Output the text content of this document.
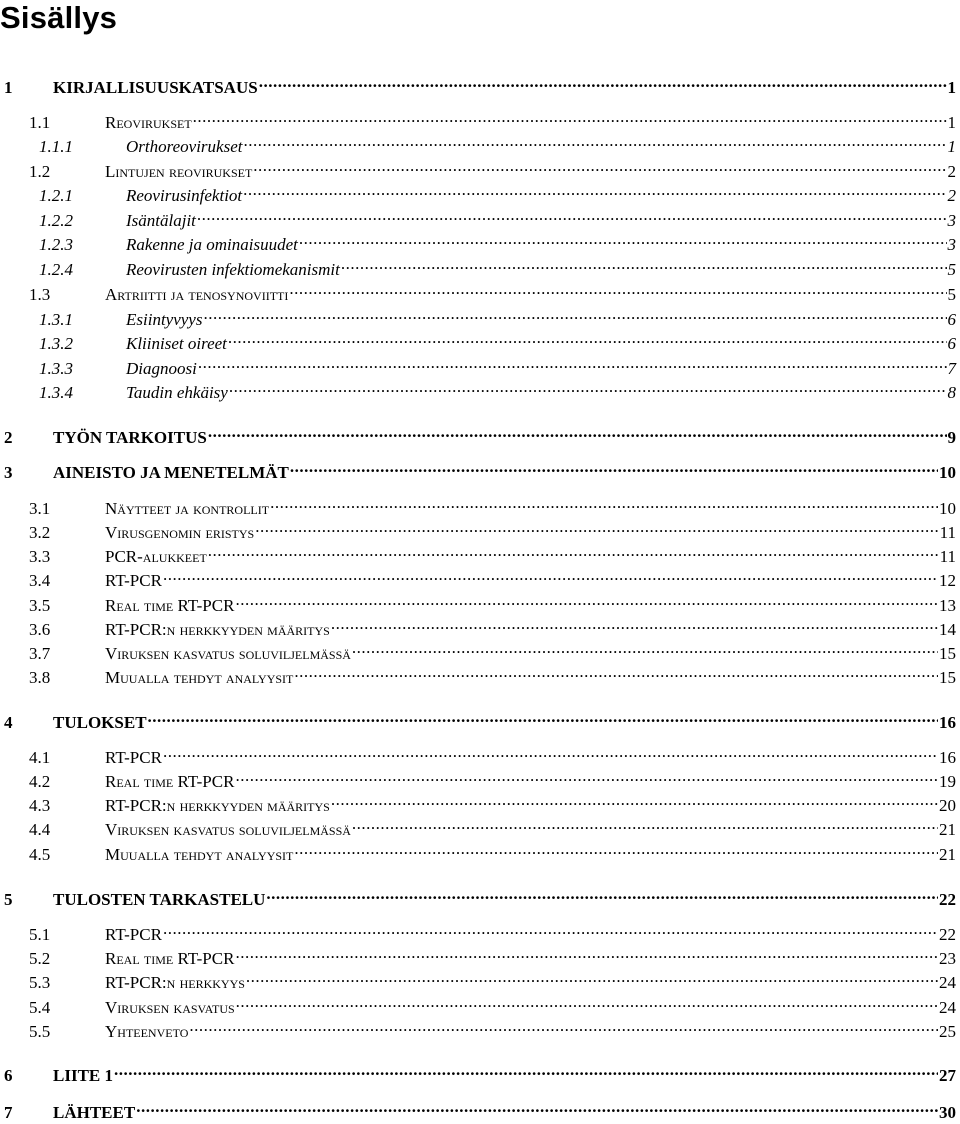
Sisällys
1	KIRJALLISUUSKATSAUS .....	1
1.1	Reovirukset .....	1
1.1.1	Orthoreovirukset .....	1
1.2	Lintujen reovirukset .....	2
1.2.1	Reovirusinfektiot .....	2
1.2.2	Isäntälajit .....	3
1.2.3	Rakenne ja ominaisuudet .....	3
1.2.4	Reovirusten infektiomekanismit .....	5
1.3	Artriitti ja tenosynoviitti .....	5
1.3.1	Esiintyvyys .....	6
1.3.2	Kliiniset oireet .....	6
1.3.3	Diagnoosi .....	7
1.3.4	Taudin ehkäisy .....	8
2	TYÖN TARKOITUS .....	9
3	AINEISTO JA MENETELMÄT .....	10
3.1	Näytteet ja kontrollit .....	10
3.2	Virusgenomin eristys .....	11
3.3	PCR-alukkeet .....	11
3.4	RT-PCR .....	12
3.5	Real time RT-PCR .....	13
3.6	RT-PCR:n herkkyyden määritys .....	14
3.7	Viruksen kasvatus soluviljelmässä .....	15
3.8	Muualla tehdyt analyysit .....	15
4	TULOKSET .....	16
4.1	RT-PCR .....	16
4.2	Real time RT-PCR .....	19
4.3	RT-PCR:n herkkyyden määritys .....	20
4.4	Viruksen kasvatus soluviljelmässä .....	21
4.5	Muualla tehdyt analyysit .....	21
5	TULOSTEN TARKASTELU .....	22
5.1	RT-PCR .....	22
5.2	Real time RT-PCR .....	23
5.3	RT-PCR:n herkkyys .....	24
5.4	Viruksen kasvatus .....	24
5.5	Yhteenveto .....	25
6	LIITE 1 .....	27
7	LÄHTEET .....	30
